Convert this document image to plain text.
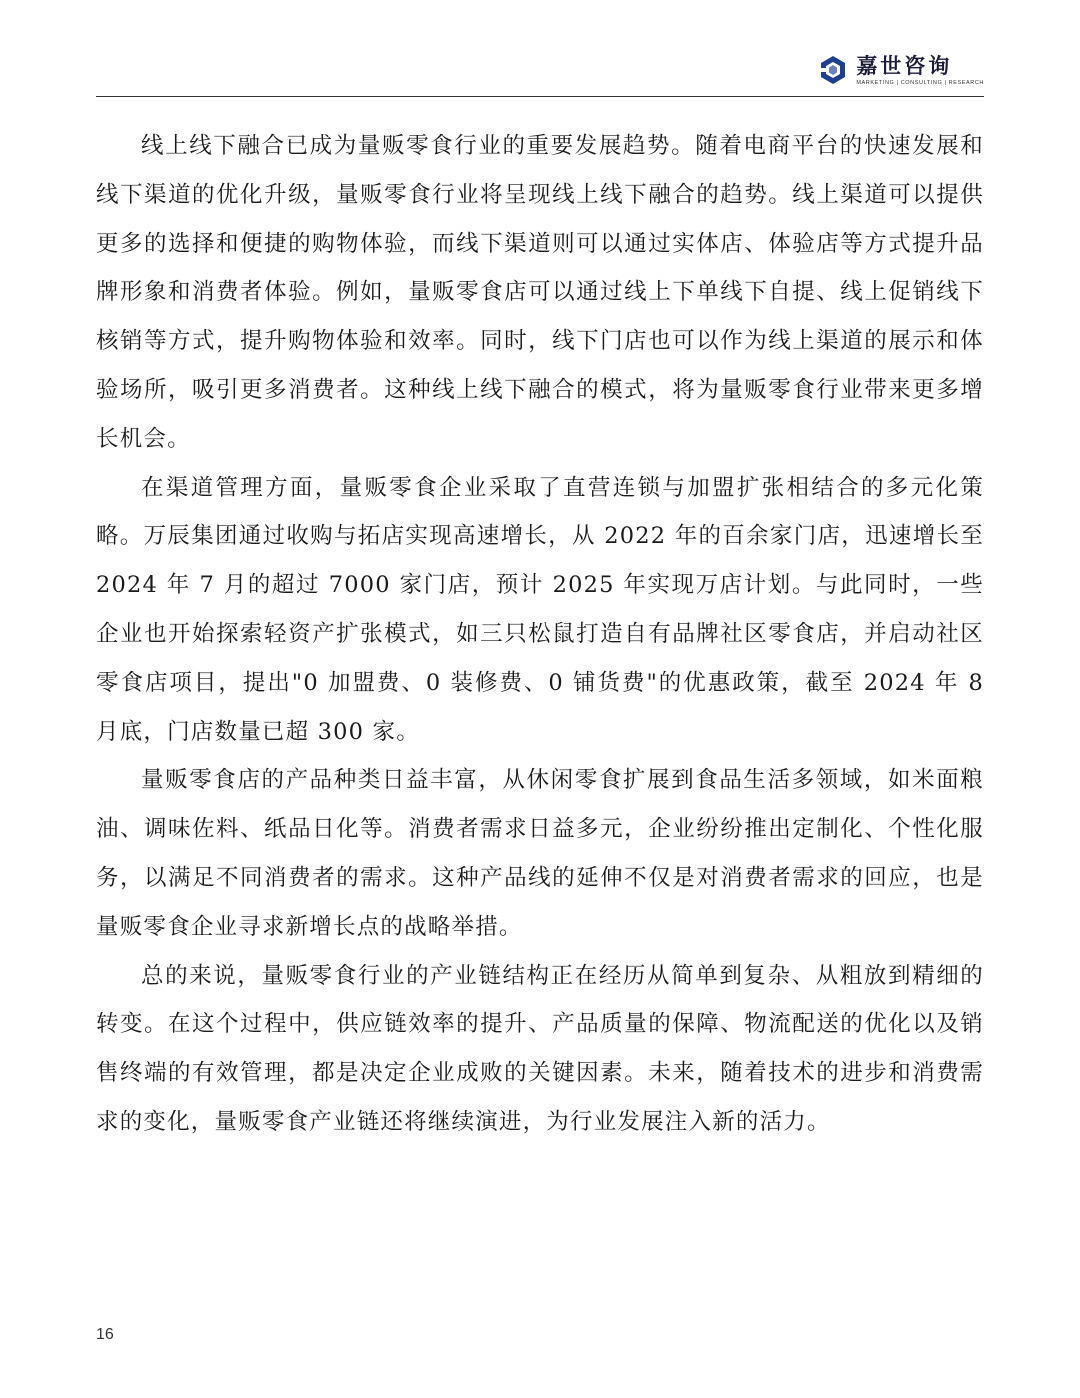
嘉世咨询
MARKETING | CONSULTING | RESEARCH

线上线下融合已成为量贩零食行业的重要发展趋势。随着电商平台的快速发展和线下渠道的优化升级，量贩零食行业将呈现线上线下融合的趋势。线上渠道可以提供更多的选择和便捷的购物体验，而线下渠道则可以通过实体店、体验店等方式提升品牌形象和消费者体验。例如，量贩零食店可以通过线上下单线下自提、线上促销线下核销等方式，提升购物体验和效率。同时，线下门店也可以作为线上渠道的展示和体验场所，吸引更多消费者。这种线上线下融合的模式，将为量贩零食行业带来更多增长机会。

在渠道管理方面，量贩零食企业采取了直营连锁与加盟扩张相结合的多元化策略。万辰集团通过收购与拓店实现高速增长，从 2022 年的百余家门店，迅速增长至 2024 年 7 月的超过 7000 家门店，预计 2025 年实现万店计划。与此同时，一些企业也开始探索轻资产扩张模式，如三只松鼠打造自有品牌社区零食店，并启动社区零食店项目，提出"0 加盟费、0 装修费、0 铺货费"的优惠政策，截至 2024 年 8 月底，门店数量已超 300 家。

量贩零食店的产品种类日益丰富，从休闲零食扩展到食品生活多领域，如米面粮油、调味佐料、纸品日化等。消费者需求日益多元，企业纷纷推出定制化、个性化服务，以满足不同消费者的需求。这种产品线的延伸不仅是对消费者需求的回应，也是量贩零食企业寻求新增长点的战略举措。

总的来说，量贩零食行业的产业链结构正在经历从简单到复杂、从粗放到精细的转变。在这个过程中，供应链效率的提升、产品质量的保障、物流配送的优化以及销售终端的有效管理，都是决定企业成败的关键因素。未来，随着技术的进步和消费需求的变化，量贩零食产业链还将继续演进，为行业发展注入新的活力。

16
